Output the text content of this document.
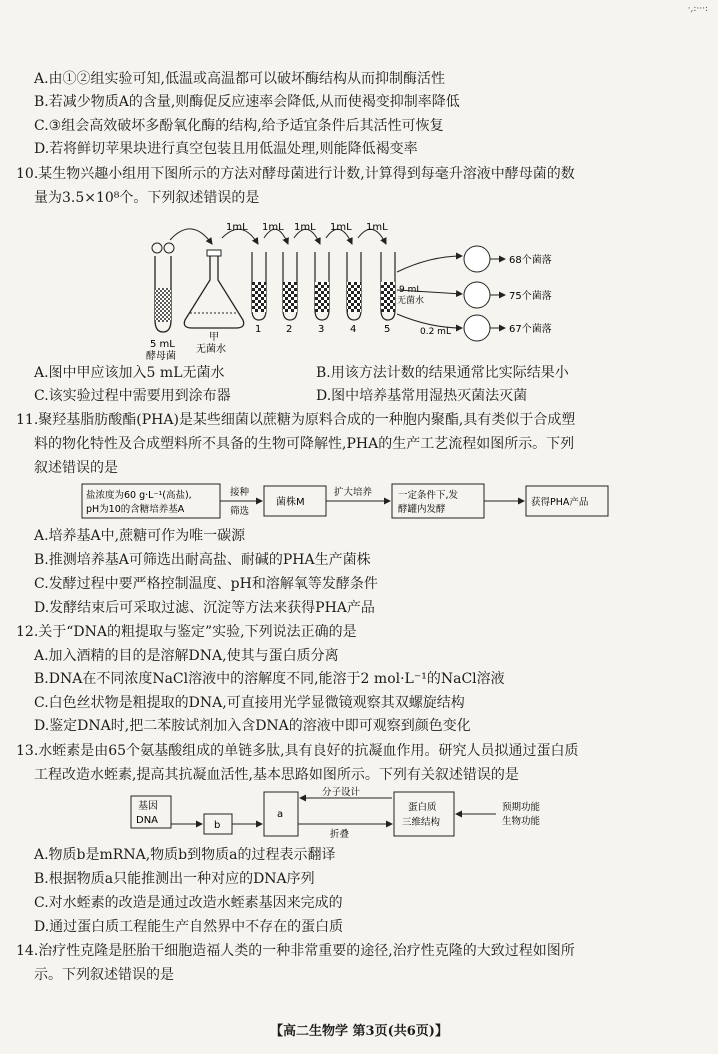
·,:···:
A.由①②组实验可知,低温或高温都可以破坏酶结构从而抑制酶活性
B.若减少物质A的含量,则酶促反应速率会降低,从而使褐变抑制率降低
C.③组会高效破坏多酚氧化酶的结构,给予适宜条件后其活性可恢复
D.若将鲜切苹果块进行真空包装且用低温处理,则能降低褐变率
10.某生物兴趣小组用下图所示的方法对酵母菌进行计数,计算得到每毫升溶液中酵母菌的数
量为3.5×10⁸个。下列叙述错误的是
5 mL
酵母菌
甲
无菌水
1mL 1mL 1mL 1mL 1mL
1 2	3	4	5
9 mL
无菌水
0.2 mL
68个菌落
75个菌落
67个菌落
A.图中甲应该加入5 mL无菌水	B.用该方法计数的结果通常比实际结果小
C.该实验过程中需要用到涂布器	D.图中培养基常用湿热灭菌法灭菌
11.聚羟基脂肪酸酯(PHA)是某些细菌以蔗糖为原料合成的一种胞内聚酯,具有类似于合成塑
料的物化特性及合成塑料所不具备的生物可降解性,PHA的生产工艺流程如图所示。下列
叙述错误的是
盐浓度为60 g·L⁻¹(高盐),
pH为10的含糖培养基A
接种
筛选
菌株M
扩大培养	一定条件下,发
酵罐内发酵
获得PHA产品
A.培养基A中,蔗糖可作为唯一碳源
B.推测培养基A可筛选出耐高盐、耐碱的PHA生产菌株
C.发酵过程中要严格控制温度、pH和溶解氧等发酵条件
D.发酵结束后可采取过滤、沉淀等方法来获得PHA产品
12.关于“DNA的粗提取与鉴定”实验,下列说法正确的是
A.加入酒精的目的是溶解DNA,使其与蛋白质分离
B.DNA在不同浓度NaCl溶液中的溶解度不同,能溶于2 mol·L⁻¹的NaCl溶液
C.白色丝状物是粗提取的DNA,可直接用光学显微镜观察其双螺旋结构
D.鉴定DNA时,把二苯胺试剂加入含DNA的溶液中即可观察到颜色变化
13.水蛭素是由65个氨基酸组成的单链多肽,具有良好的抗凝血作用。研究人员拟通过蛋白质
工程改造水蛭素,提高其抗凝血活性,基本思路如图所示。下列有关叙述错误的是
基因
DNA	b
a
折叠
分子设计
蛋白质
三维结构
预期功能
生物功能
A.物质b是mRNA,物质b到物质a的过程表示翻译
B.根据物质a只能推测出一种对应的DNA序列
C.对水蛭素的改造是通过改造水蛭素基因来完成的
D.通过蛋白质工程能生产自然界中不存在的蛋白质
14.治疗性克隆是胚胎干细胞造福人类的一种非常重要的途径,治疗性克隆的大致过程如图所
示。下列叙述错误的是
【高二生物学 第3页(共6页)】
